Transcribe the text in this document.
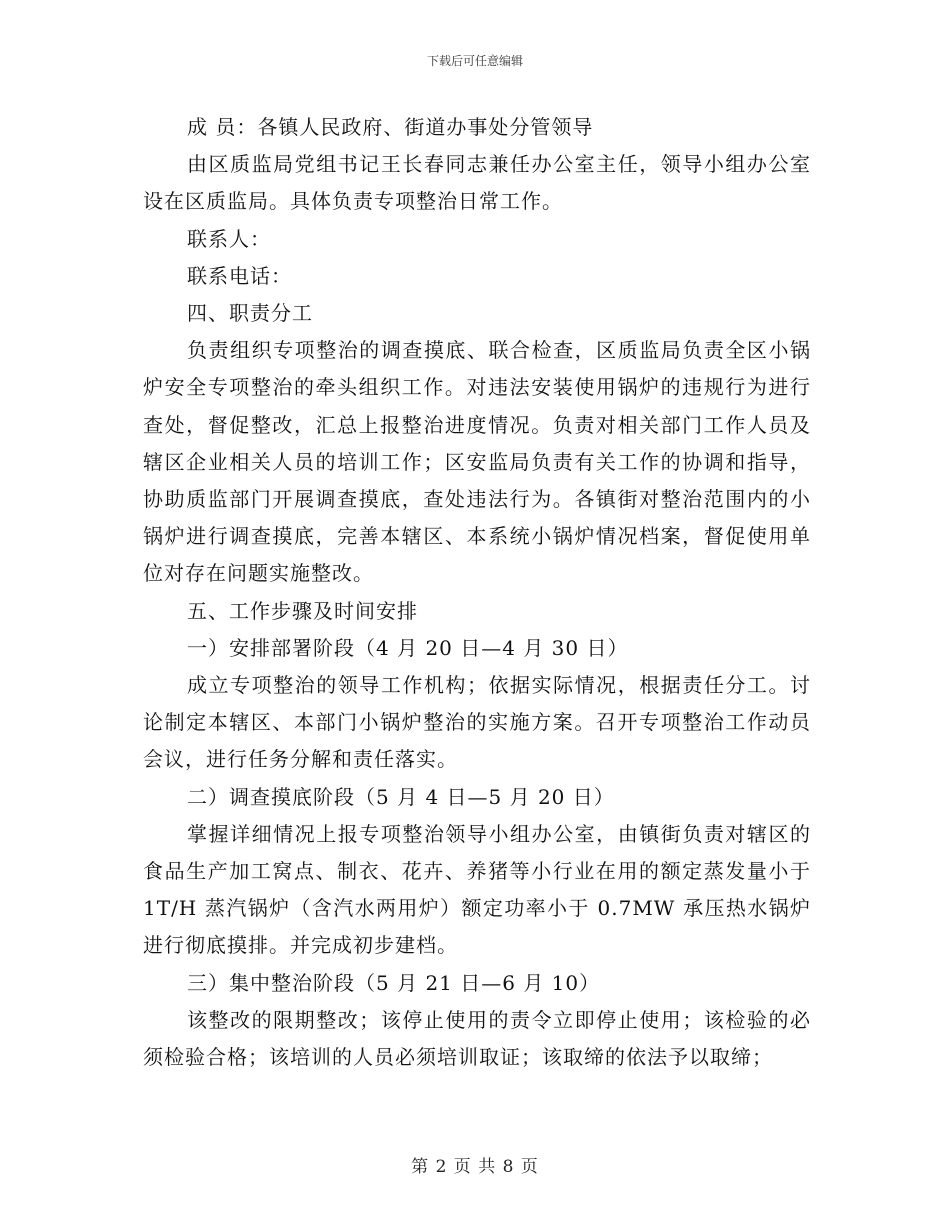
下载后可任意编辑

成 员：各镇人民政府、街道办事处分管领导

由区质监局党组书记王长春同志兼任办公室主任，领导小组办公室设在区质监局。具体负责专项整治日常工作。

联系人：

联系电话：

四、职责分工

负责组织专项整治的调查摸底、联合检查，区质监局负责全区小锅炉安全专项整治的牵头组织工作。对违法安装使用锅炉的违规行为进行查处，督促整改，汇总上报整治进度情况。负责对相关部门工作人员及辖区企业相关人员的培训工作；区安监局负责有关工作的协调和指导，协助质监部门开展调查摸底，查处违法行为。各镇街对整治范围内的小锅炉进行调查摸底，完善本辖区、本系统小锅炉情况档案，督促使用单位对存在问题实施整改。

五、工作步骤及时间安排

一）安排部署阶段（4 月 20 日—4 月 30 日）

成立专项整治的领导工作机构；依据实际情况，根据责任分工。讨论制定本辖区、本部门小锅炉整治的实施方案。召开专项整治工作动员会议，进行任务分解和责任落实。

二）调查摸底阶段（5 月 4 日—5 月 20 日）

掌握详细情况上报专项整治领导小组办公室，由镇街负责对辖区的食品生产加工窝点、制衣、花卉、养猪等小行业在用的额定蒸发量小于 1T/H 蒸汽锅炉（含汽水两用炉）额定功率小于 0.7MW 承压热水锅炉进行彻底摸排。并完成初步建档。

三）集中整治阶段（5 月 21 日—6 月 10）

该整改的限期整改；该停止使用的责令立即停止使用；该检验的必须检验合格；该培训的人员必须培训取证；该取缔的依法予以取缔；

第 2 页 共 8 页
